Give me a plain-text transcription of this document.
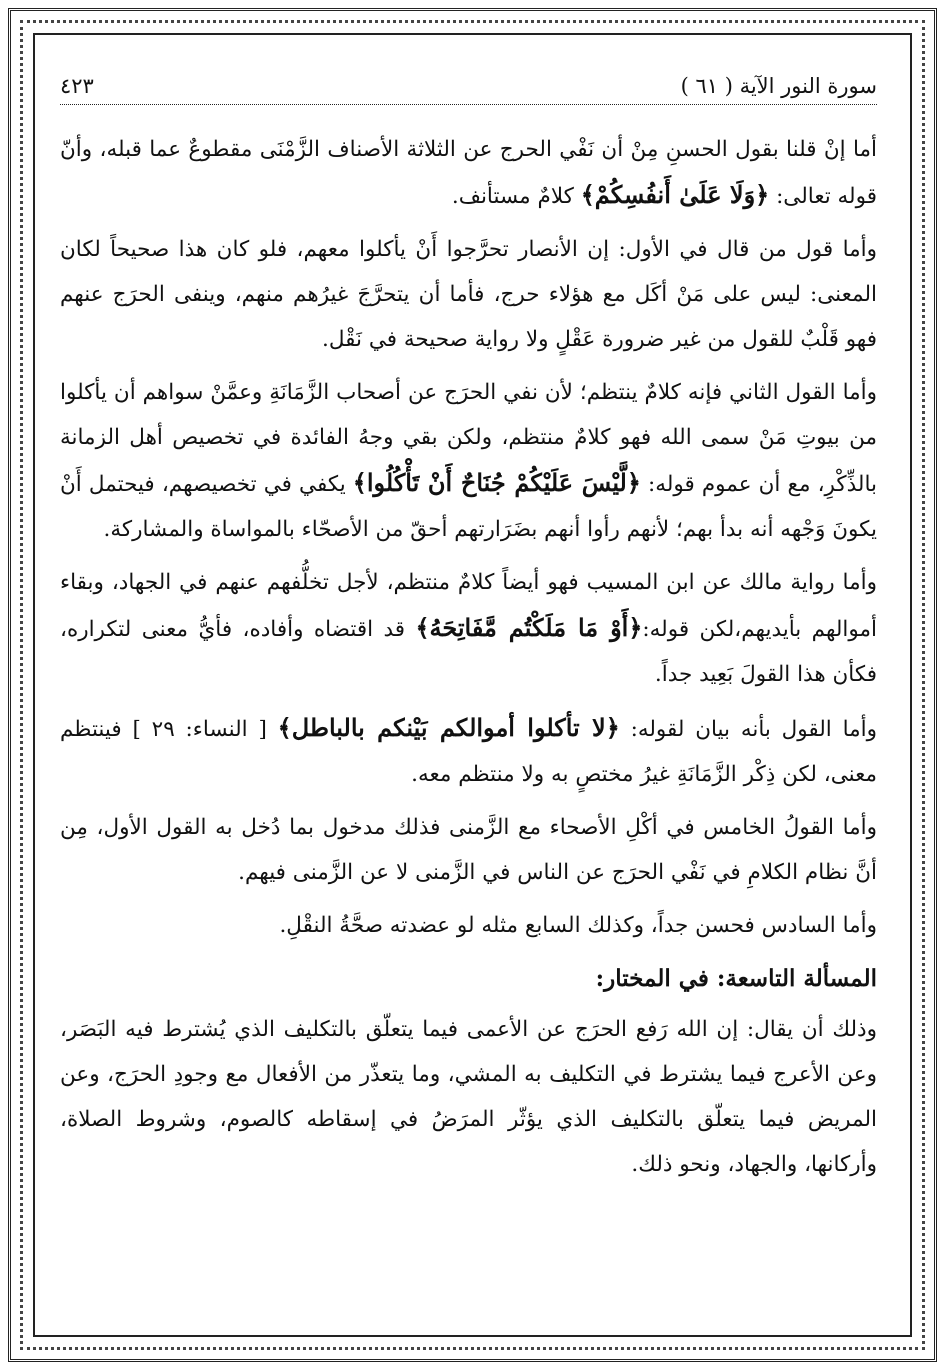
سورة النور الآية ( ٦١ )
٤٢٣

أما إنْ قلنا بقول الحسنِ مِنْ أن نَفْي الحرج عن الثلاثة الأصناف الزَّمْنَى مقطوعٌ عما قبله، وأنّ قوله تعالى: ﴿وَلَا عَلَىٰ أَنفُسِكُمْ﴾ كلامٌ مستأنف.

وأما قول من قال في الأول: إن الأنصار تحرَّجوا أَنْ يأكلوا معهم، فلو كان هذا صحيحاً لكان المعنى: ليس على مَنْ أكَل مع هؤلاء حرج، فأما أن يتحرَّجَ غيرُهم منهم، وينفى الحرَج عنهم فهو قَلْبٌ للقول من غير ضرورة عَقْلٍ ولا رواية صحيحة في نَقْل.

وأما القول الثاني فإنه كلامٌ ينتظم؛ لأن نفي الحرَج عن أصحاب الزَّمَانَةِ وعمَّنْ سواهم أن يأكلوا من بيوتِ مَنْ سمى الله فهو كلامٌ منتظم، ولكن بقي وجهُ الفائدة في تخصيص أهل الزمانة بالذِّكْرِ، مع أن عموم قوله: ﴿لَّيْسَ عَلَيْكُمْ جُنَاحٌ أَنْ تَأْكُلُوا﴾ يكفي في تخصيصهم، فيحتمل أَنْ يكونَ وَجْهه أنه بدأ بهم؛ لأنهم رأوا أنهم بضَرَارتهم أحقّ من الأصحّاء بالمواساة والمشاركة.

وأما رواية مالك عن ابن المسيب فهو أيضاً كلامٌ منتظم، لأجل تخلُّفهم عنهم في الجهاد، وبقاء أموالهم بأيديهم،لكن قوله:﴿أَوْ مَا مَلَكْتُم مَّفَاتِحَهُ﴾ قد اقتضاه وأفاده، فأيُّ معنى لتكراره، فكأن هذا القولَ بَعِيد جداً.

وأما القول بأنه بيان لقوله: ﴿لا تأكلوا أموالكم بَيْنكم بالباطل﴾ [ النساء: ٢٩ ] فينتظم معنى، لكن ذِكْر الزَّمَانَةِ غيرُ مختصٍ به ولا منتظم معه.

وأما القولُ الخامس في أكْلِ الأصحاء مع الزَّمنى فذلك مدخول بما دُخل به القول الأول، مِن أنَّ نظام الكلامِ في نَفْي الحرَج عن الناس في الزَّمنى لا عن الزَّمنى فيهم.

وأما السادس فحسن جداً، وكذلك السابع مثله لو عضدته صحَّةُ النقْلِ.

المسألة التاسعة: في المختار:

وذلك أن يقال: إن الله رَفع الحرَج عن الأعمى فيما يتعلّق بالتكليف الذي يُشترط فيه البَصَر، وعن الأعرج فيما يشترط في التكليف به المشي، وما يتعذّر من الأفعال مع وجودِ الحرَج، وعن المريض فيما يتعلّق بالتكليف الذي يؤثّر المرَضُ في إسقاطه كالصوم، وشروط الصلاة، وأركانها، والجهاد، ونحو ذلك.
